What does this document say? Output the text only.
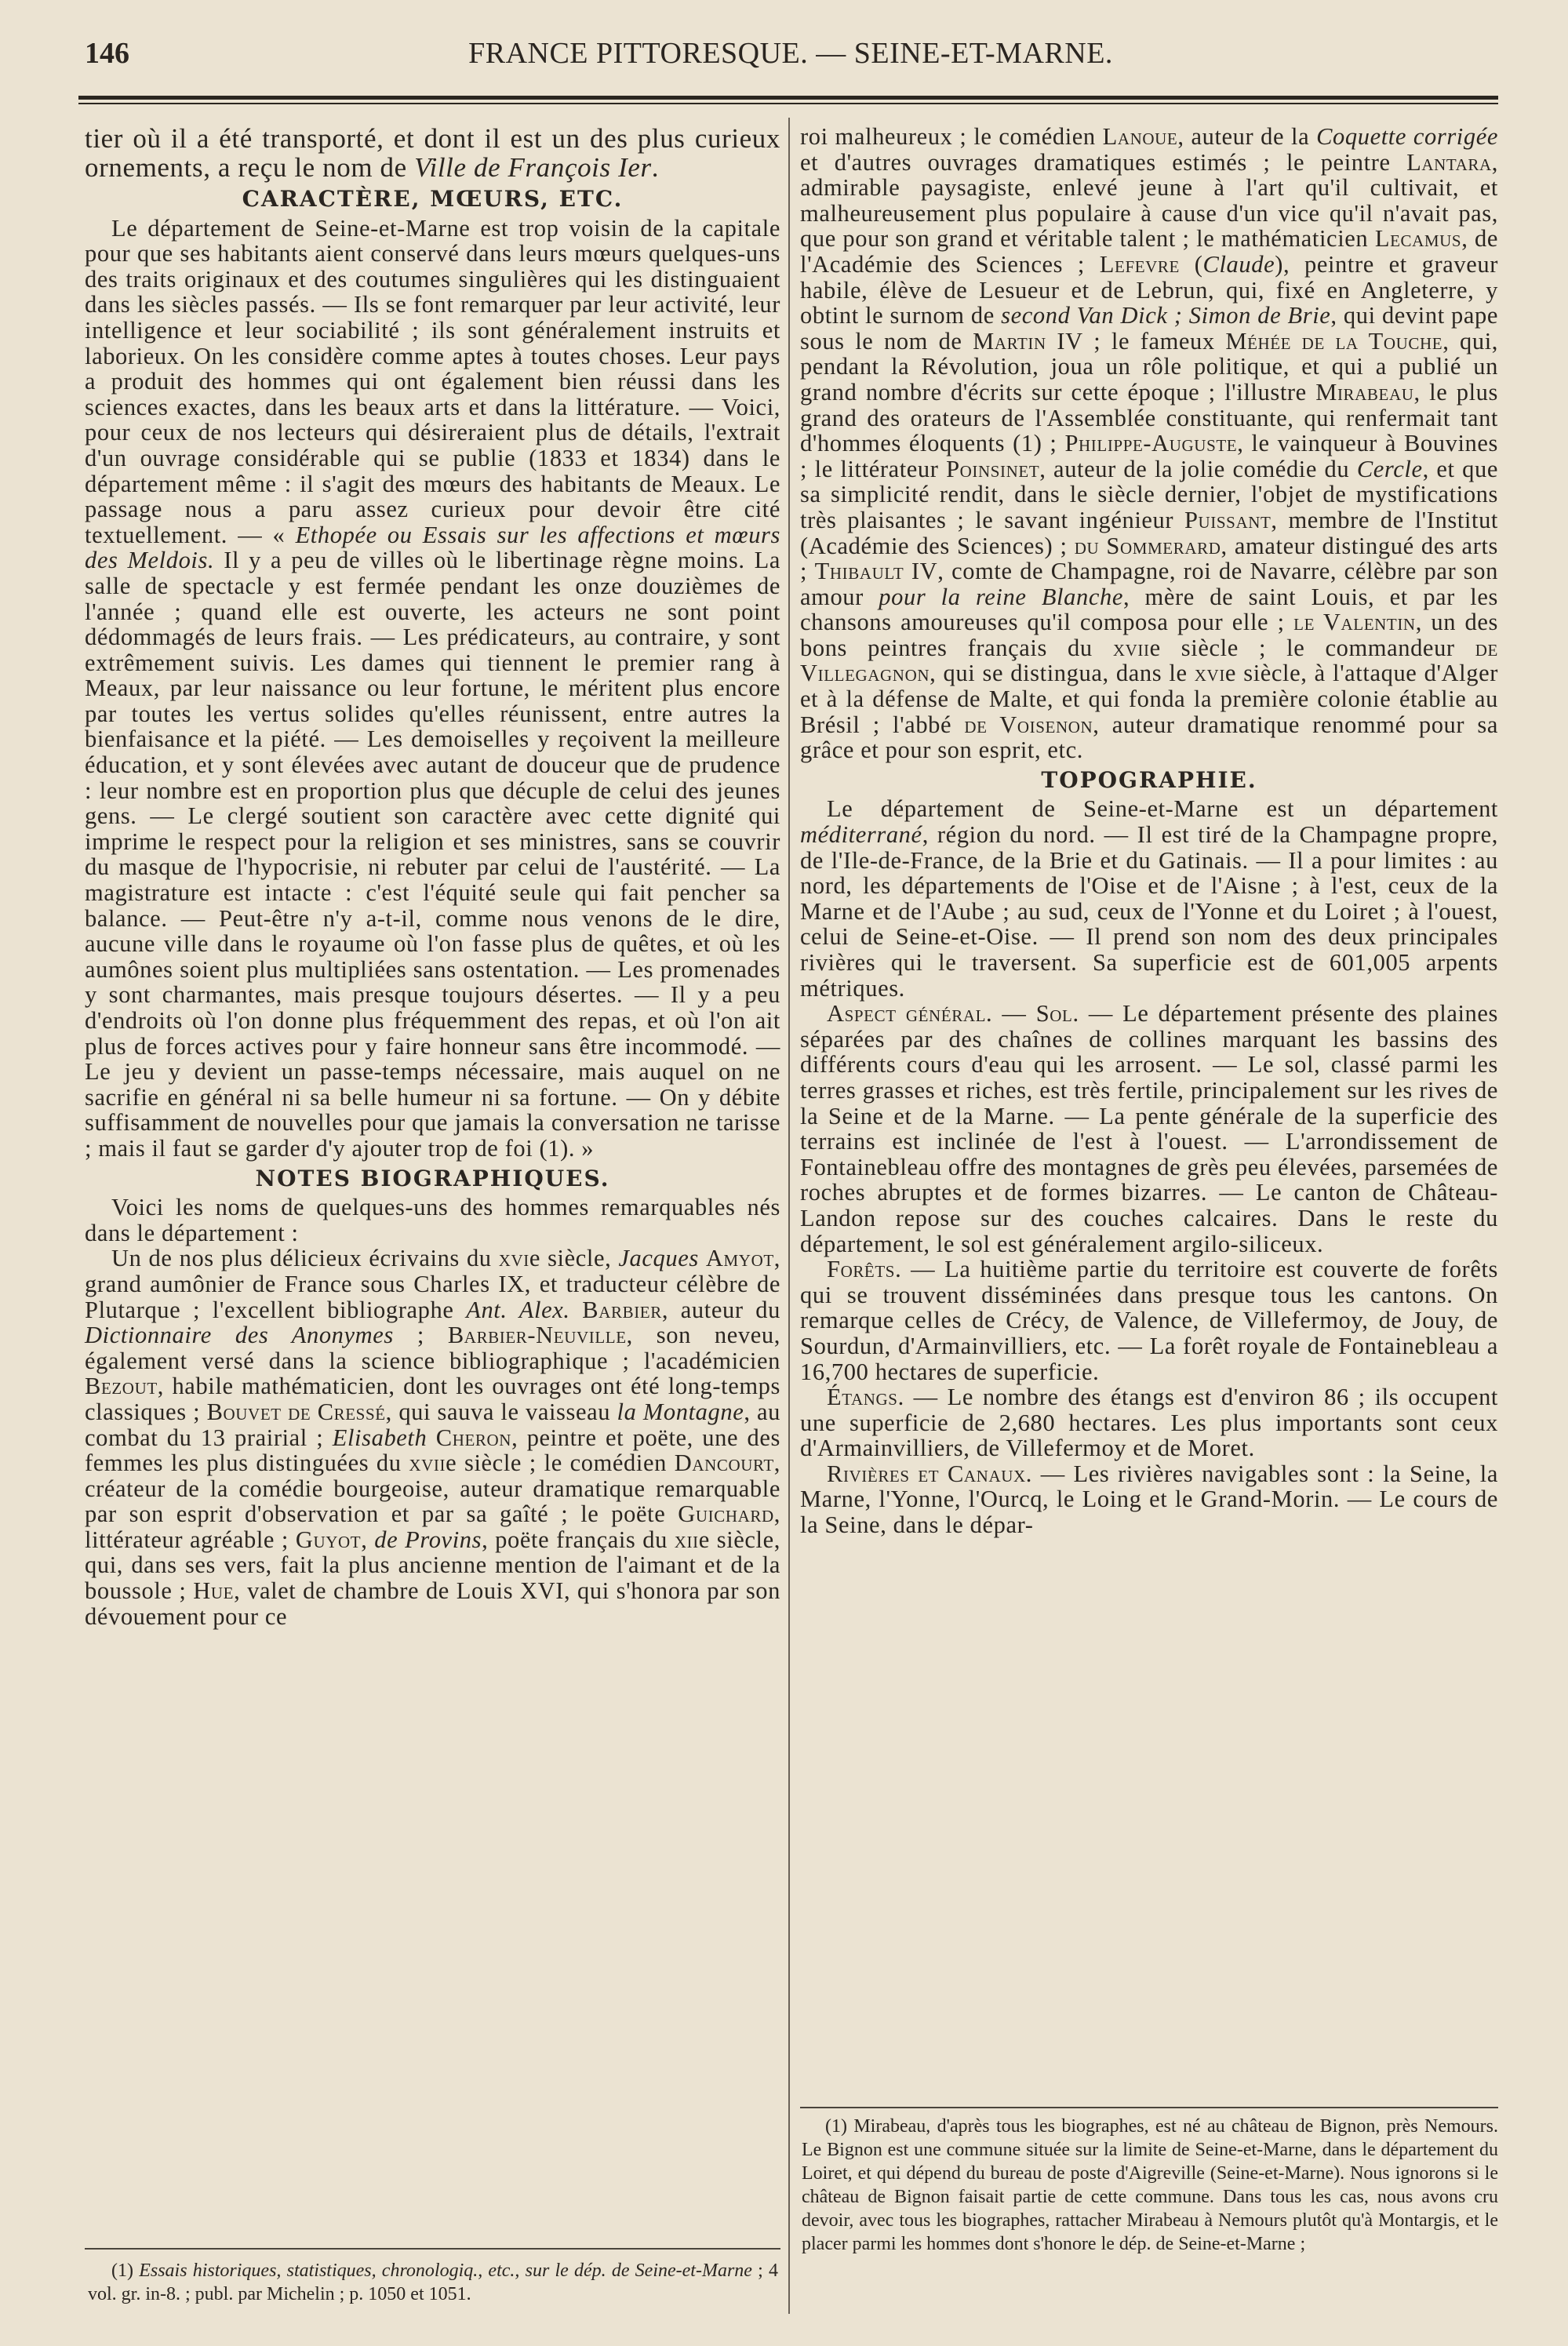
146	FRANCE PITTORESQUE. — SEINE-ET-MARNE.

tier où il a été transporté, et dont il est un des plus curieux ornements, a reçu le nom de Ville de François Ier.

CARACTÈRE, MŒURS, ETC.

Le département de Seine-et-Marne est trop voisin de la capitale pour que ses habitants aient conservé dans leurs mœurs quelques-uns des traits originaux et des coutumes singulières qui les distinguaient dans les siècles passés. — Ils se font remarquer par leur activité, leur intelligence et leur sociabilité ; ils sont généralement instruits et laborieux. On les considère comme aptes à toutes choses. Leur pays a produit des hommes qui ont également bien réussi dans les sciences exactes, dans les beaux arts et dans la littérature. — Voici, pour ceux de nos lecteurs qui désireraient plus de détails, l'extrait d'un ouvrage considérable qui se publie (1833 et 1834) dans le département même : il s'agit des mœurs des habitants de Meaux. Le passage nous a paru assez curieux pour devoir être cité textuellement. — « Ethopée ou Essais sur les affections et mœurs des Meldois. Il y a peu de villes où le libertinage règne moins. La salle de spectacle y est fermée pendant les onze douzièmes de l'année ; quand elle est ouverte, les acteurs ne sont point dédommagés de leurs frais. — Les prédicateurs, au contraire, y sont extrêmement suivis. Les dames qui tiennent le premier rang à Meaux, par leur naissance ou leur fortune, le méritent plus encore par toutes les vertus solides qu'elles réunissent, entre autres la bienfaisance et la piété. — Les demoiselles y reçoivent la meilleure éducation, et y sont élevées avec autant de douceur que de prudence : leur nombre est en proportion plus que décuple de celui des jeunes gens. — Le clergé soutient son caractère avec cette dignité qui imprime le respect pour la religion et ses ministres, sans se couvrir du masque de l'hypocrisie, ni rebuter par celui de l'austérité. — La magistrature est intacte : c'est l'équité seule qui fait pencher sa balance. — Peut-être n'y a-t-il, comme nous venons de le dire, aucune ville dans le royaume où l'on fasse plus de quêtes, et où les aumônes soient plus multipliées sans ostentation. — Les promenades y sont charmantes, mais presque toujours désertes. — Il y a peu d'endroits où l'on donne plus fréquemment des repas, et où l'on ait plus de forces actives pour y faire honneur sans être incommodé. — Le jeu y devient un passe-temps nécessaire, mais auquel on ne sacrifie en général ni sa belle humeur ni sa fortune. — On y débite suffisamment de nouvelles pour que jamais la conversation ne tarisse ; mais il faut se garder d'y ajouter trop de foi (1). »

NOTES BIOGRAPHIQUES.

Voici les noms de quelques-uns des hommes remarquables nés dans le département :

Un de nos plus délicieux écrivains du xvie siècle, Jacques Amyot, grand aumônier de France sous Charles IX, et traducteur célèbre de Plutarque ; l'excellent bibliographe Ant. Alex. Barbier, auteur du Dictionnaire des Anonymes ; Barbier-Neuville, son neveu, également versé dans la science bibliographique ; l'académicien Bezout, habile mathématicien, dont les ouvrages ont été long-temps classiques ; Bouvet de Cressé, qui sauva le vaisseau la Montagne, au combat du 13 prairial ; Elisabeth Cheron, peintre et poëte, une des femmes les plus distinguées du xviie siècle ; le comédien Dancourt, créateur de la comédie bourgeoise, auteur dramatique remarquable par son esprit d'observation et par sa gaîté ; le poëte Guichard, littérateur agréable ; Guyot, de Provins, poëte français du xiie siècle, qui, dans ses vers, fait la plus ancienne mention de l'aimant et de la boussole ; Hue, valet de chambre de Louis XVI, qui s'honora par son dévouement pour ce

roi malheureux ; le comédien Lanoue, auteur de la Coquette corrigée et d'autres ouvrages dramatiques estimés ; le peintre Lantara, admirable paysagiste, enlevé jeune à l'art qu'il cultivait, et malheureusement plus populaire à cause d'un vice qu'il n'avait pas, que pour son grand et véritable talent ; le mathématicien Lecamus, de l'Académie des Sciences ; Lefevre (Claude), peintre et graveur habile, élève de Lesueur et de Lebrun, qui, fixé en Angleterre, y obtint le surnom de second Van Dick ; Simon de Brie, qui devint pape sous le nom de Martin IV ; le fameux Méhée de la Touche, qui, pendant la Révolution, joua un rôle politique, et qui a publié un grand nombre d'écrits sur cette époque ; l'illustre Mirabeau, le plus grand des orateurs de l'Assemblée constituante, qui renfermait tant d'hommes éloquents (1) ; Philippe-Auguste, le vainqueur à Bouvines ; le littérateur Poinsinet, auteur de la jolie comédie du Cercle, et que sa simplicité rendit, dans le siècle dernier, l'objet de mystifications très plaisantes ; le savant ingénieur Puissant, membre de l'Institut (Académie des Sciences) ; du Sommerard, amateur distingué des arts ; Thibault IV, comte de Champagne, roi de Navarre, célèbre par son amour pour la reine Blanche, mère de saint Louis, et par les chansons amoureuses qu'il composa pour elle ; le Valentin, un des bons peintres français du xviie siècle ; le commandeur de Villegagnon, qui se distingua, dans le xvie siècle, à l'attaque d'Alger et à la défense de Malte, et qui fonda la première colonie établie au Brésil ; l'abbé de Voisenon, auteur dramatique renommé pour sa grâce et pour son esprit, etc.

TOPOGRAPHIE.

Le département de Seine-et-Marne est un département méditerrané, région du nord. — Il est tiré de la Champagne propre, de l'Ile-de-France, de la Brie et du Gatinais. — Il a pour limites : au nord, les départements de l'Oise et de l'Aisne ; à l'est, ceux de la Marne et de l'Aube ; au sud, ceux de l'Yonne et du Loiret ; à l'ouest, celui de Seine-et-Oise. — Il prend son nom des deux principales rivières qui le traversent. Sa superficie est de 601,005 arpents métriques.

Aspect général. — Sol. — Le département présente des plaines séparées par des chaînes de collines marquant les bassins des différents cours d'eau qui les arrosent. — Le sol, classé parmi les terres grasses et riches, est très fertile, principalement sur les rives de la Seine et de la Marne. — La pente générale de la superficie des terrains est inclinée de l'est à l'ouest. — L'arrondissement de Fontainebleau offre des montagnes de grès peu élevées, parsemées de roches abruptes et de formes bizarres. — Le canton de Château-Landon repose sur des couches calcaires. Dans le reste du département, le sol est généralement argilo-siliceux.

Forêts. — La huitième partie du territoire est couverte de forêts qui se trouvent disséminées dans presque tous les cantons. On remarque celles de Crécy, de Valence, de Villefermoy, de Jouy, de Sourdun, d'Armainvilliers, etc. — La forêt royale de Fontainebleau a 16,700 hectares de superficie.

Étangs. — Le nombre des étangs est d'environ 86 ; ils occupent une superficie de 2,680 hectares. Les plus importants sont ceux d'Armainvilliers, de Villefermoy et de Moret.

Rivières et Canaux. — Les rivières navigables sont : la Seine, la Marne, l'Yonne, l'Ourcq, le Loing et le Grand-Morin. — Le cours de la Seine, dans le dépar-

(1) Essais historiques, statistiques, chronologiq., etc., sur le dép. de Seine-et-Marne ; 4 vol. gr. in-8. ; publ. par Michelin ; p. 1050 et 1051.

(1) Mirabeau, d'après tous les biographes, est né au château de Bignon, près Nemours. Le Bignon est une commune située sur la limite de Seine-et-Marne, dans le département du Loiret, et qui dépend du bureau de poste d'Aigreville (Seine-et-Marne). Nous ignorons si le château de Bignon faisait partie de cette commune. Dans tous les cas, nous avons cru devoir, avec tous les biographes, rattacher Mirabeau à Nemours plutôt qu'à Montargis, et le placer parmi les hommes dont s'honore le dép. de Seine-et-Marne ;
